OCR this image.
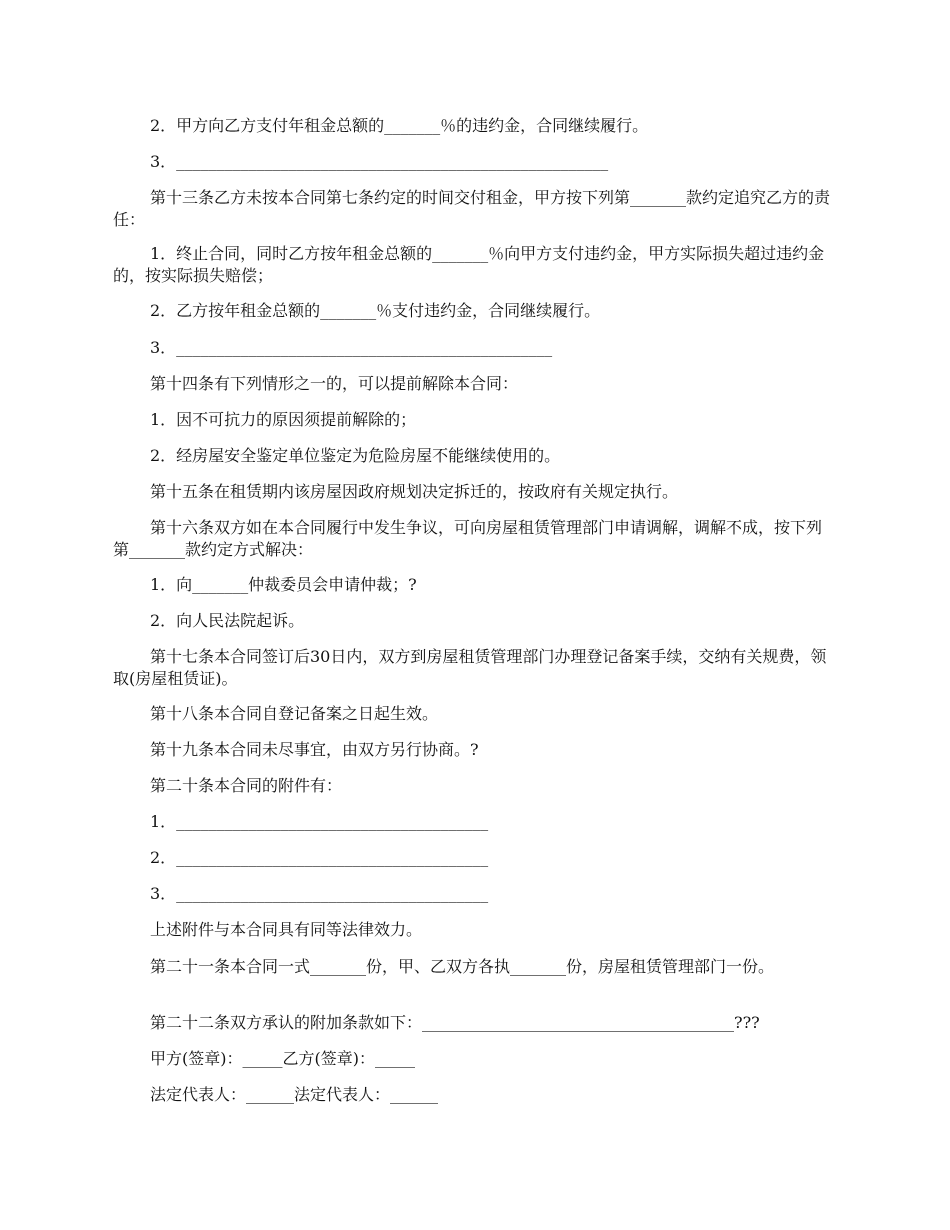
2．甲方向乙方支付年租金总额的_______％的违约金，合同继续履行。

3．______________________________________________________

第十三条乙方未按本合同第七条约定的时间交付租金，甲方按下列第_______款约定追究乙方的责任：

1．终止合同，同时乙方按年租金总额的_______％向甲方支付违约金，甲方实际损失超过违约金的，按实际损失赔偿；

2．乙方按年租金总额的_______％支付违约金，合同继续履行。

3．_______________________________________________

第十四条有下列情形之一的，可以提前解除本合同：

1．因不可抗力的原因须提前解除的；

2．经房屋安全鉴定单位鉴定为危险房屋不能继续使用的。

第十五条在租赁期内该房屋因政府规划决定拆迁的，按政府有关规定执行。

第十六条双方如在本合同履行中发生争议，可向房屋租赁管理部门申请调解，调解不成，按下列第_______款约定方式解决：

1．向_______仲裁委员会申请仲裁；?

2．向人民法院起诉。

第十七条本合同签订后30日内，双方到房屋租赁管理部门办理登记备案手续，交纳有关规费，领取(房屋租赁证)。

第十八条本合同自登记备案之日起生效。

第十九条本合同未尽事宜，由双方另行协商。?

第二十条本合同的附件有：

1．_______________________________________

2．_______________________________________

3．_______________________________________

上述附件与本合同具有同等法律效力。

第二十一条本合同一式_______份，甲、乙双方各执_______份，房屋租赁管理部门一份。

第二十二条双方承认的附加条款如下：_______________________________________???

甲方(签章)：_____乙方(签章)：_____

法定代表人：______法定代表人：______
